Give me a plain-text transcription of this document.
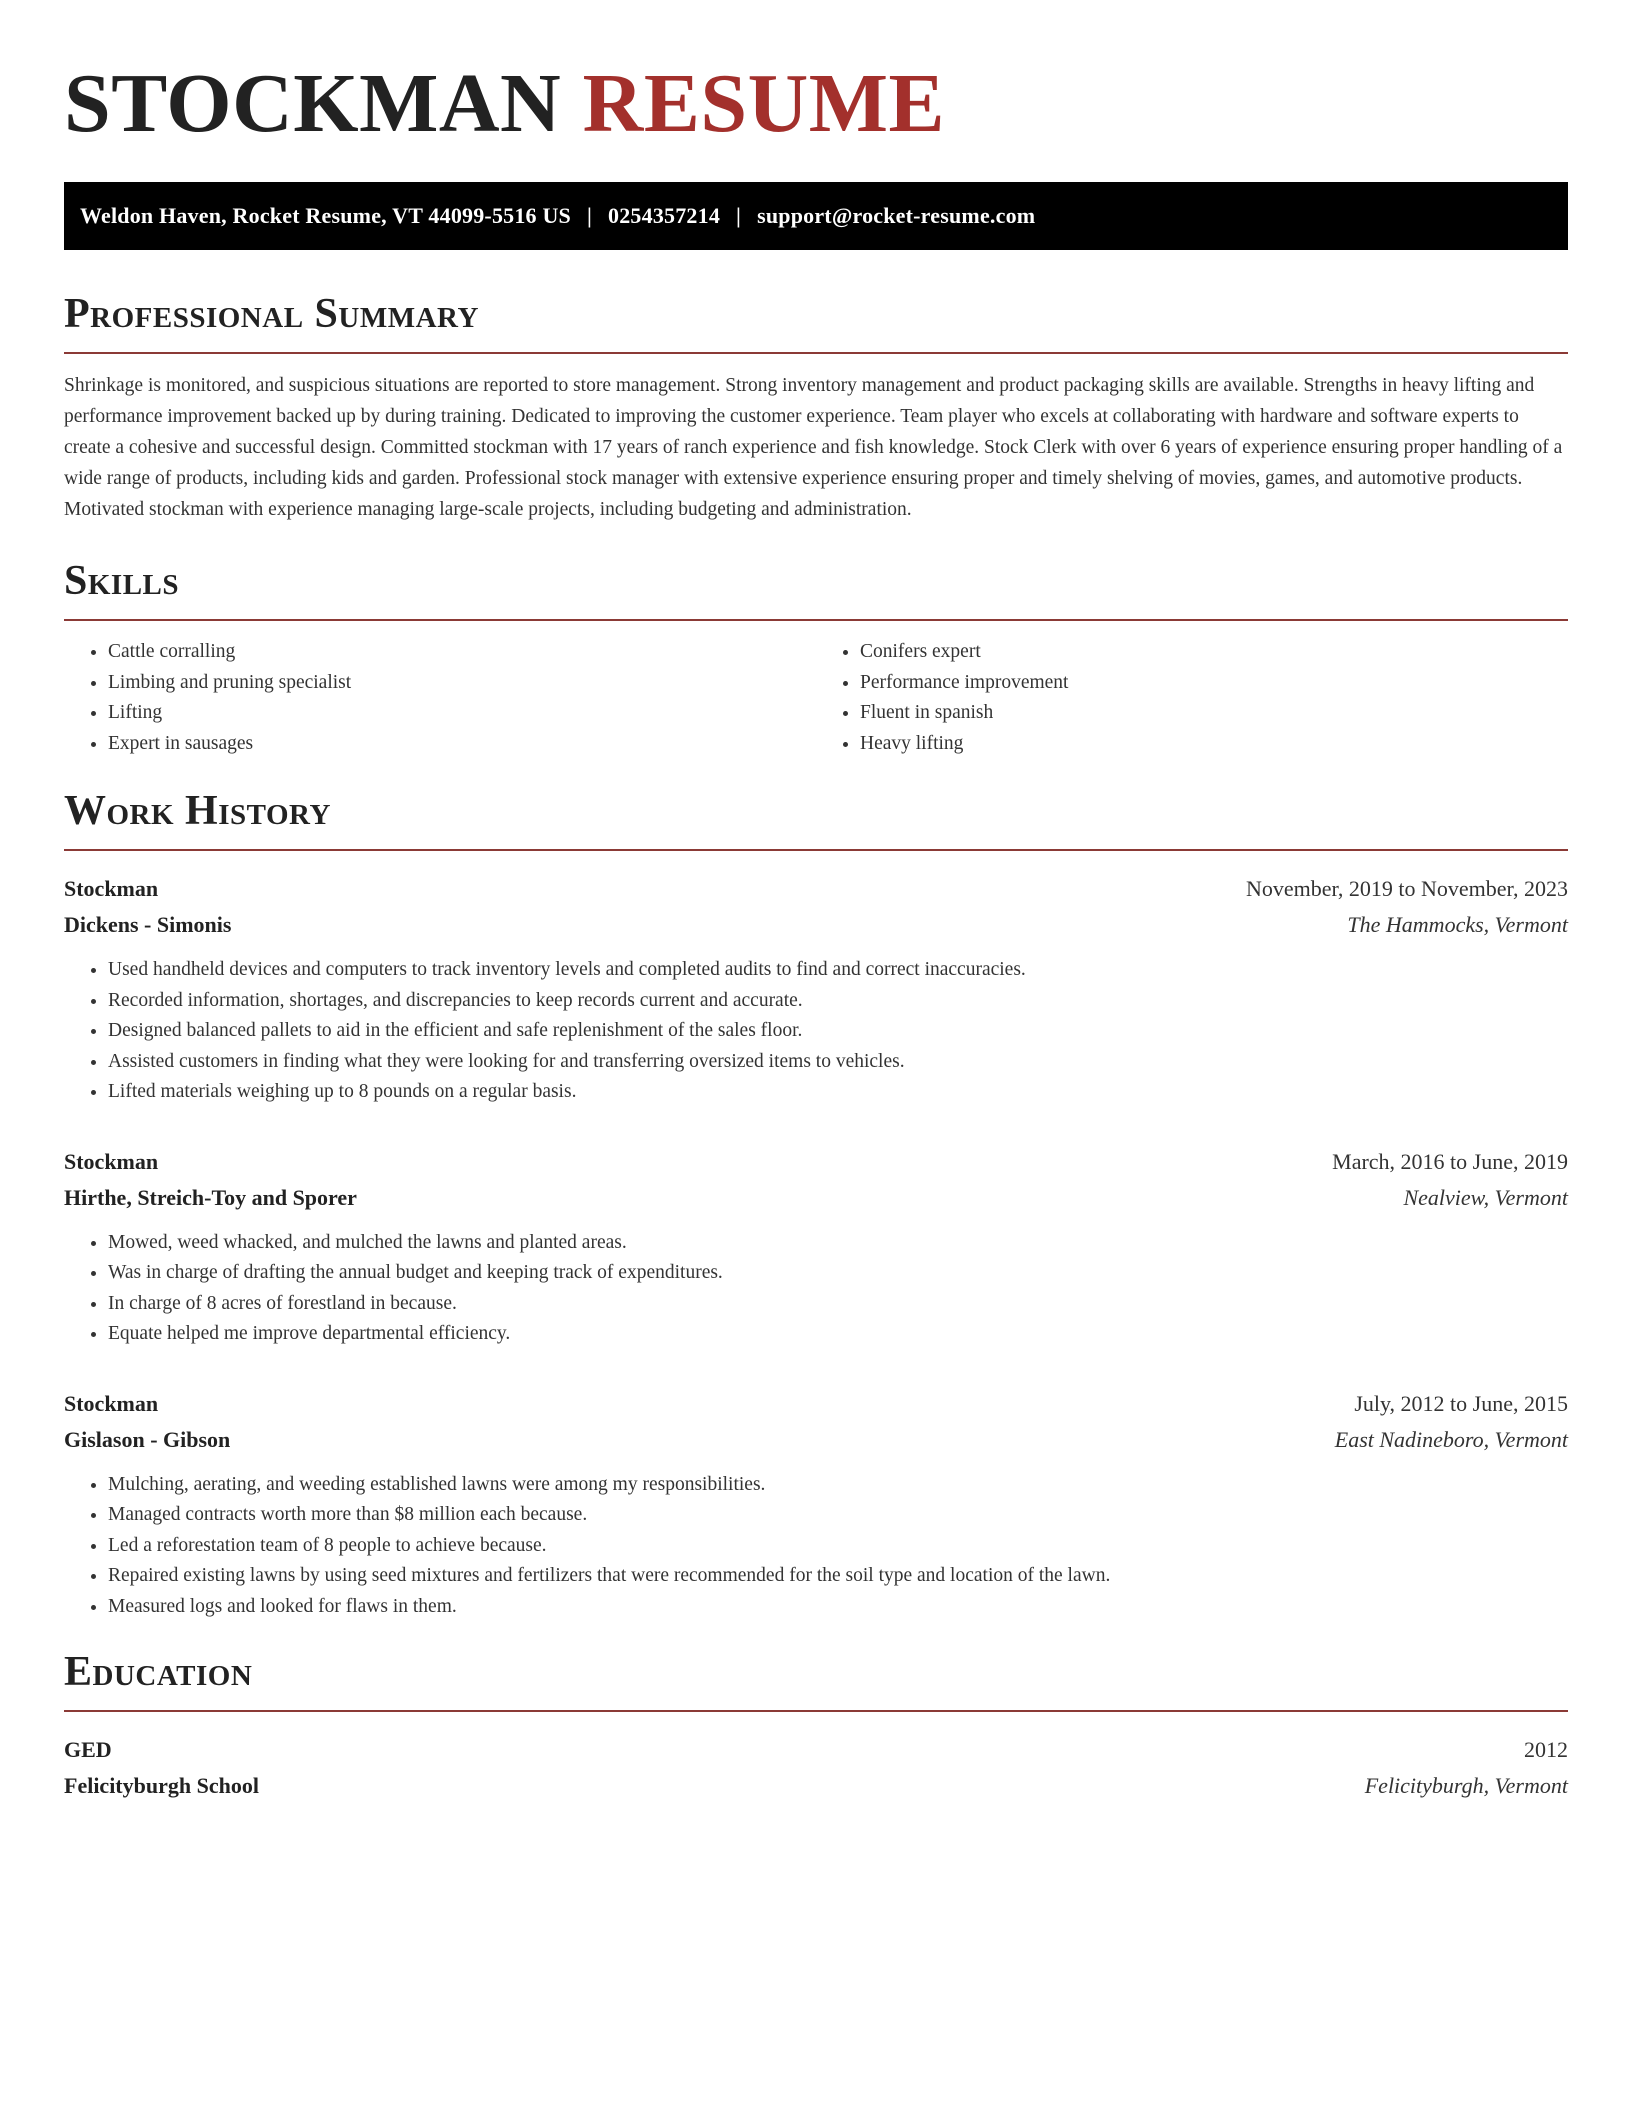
STOCKMAN RESUME
Weldon Haven, Rocket Resume, VT 44099-5516 US | 0254357214 | support@rocket-resume.com
Professional Summary

Shrinkage is monitored, and suspicious situations are reported to store management. Strong inventory management and product packaging skills are available. Strengths in heavy lifting and performance improvement backed up by during training. Dedicated to improving the customer experience. Team player who excels at collaborating with hardware and software experts to create a cohesive and successful design. Committed stockman with 17 years of ranch experience and fish knowledge. Stock Clerk with over 6 years of experience ensuring proper handling of a wide range of products, including kids and garden. Professional stock manager with extensive experience ensuring proper and timely shelving of movies, games, and automotive products. Motivated stockman with experience managing large-scale projects, including budgeting and administration.

Skills
• Cattle corralling
• Limbing and pruning specialist
• Lifting
• Expert in sausages
• Conifers expert
• Performance improvement
• Fluent in spanish
• Heavy lifting
Work History
Stockman	November, 2019 to November, 2023
Dickens - Simonis	The Hammocks, Vermont
• Used handheld devices and computers to track inventory levels and completed audits to find and correct inaccuracies.
• Recorded information, shortages, and discrepancies to keep records current and accurate.
• Designed balanced pallets to aid in the efficient and safe replenishment of the sales floor.
• Assisted customers in finding what they were looking for and transferring oversized items to vehicles.
• Lifted materials weighing up to 8 pounds on a regular basis.
Stockman	March, 2016 to June, 2019
Hirthe, Streich-Toy and Sporer	Nealview, Vermont
• Mowed, weed whacked, and mulched the lawns and planted areas.
• Was in charge of drafting the annual budget and keeping track of expenditures.
• In charge of 8 acres of forestland in because.
• Equate helped me improve departmental efficiency.
Stockman	July, 2012 to June, 2015
Gislason - Gibson	East Nadineboro, Vermont
• Mulching, aerating, and weeding established lawns were among my responsibilities.
• Managed contracts worth more than $8 million each because.
• Led a reforestation team of 8 people to achieve because.
• Repaired existing lawns by using seed mixtures and fertilizers that were recommended for the soil type and location of the lawn.
• Measured logs and looked for flaws in them.
Education
GED	2012
Felicityburgh School	Felicityburgh, Vermont
